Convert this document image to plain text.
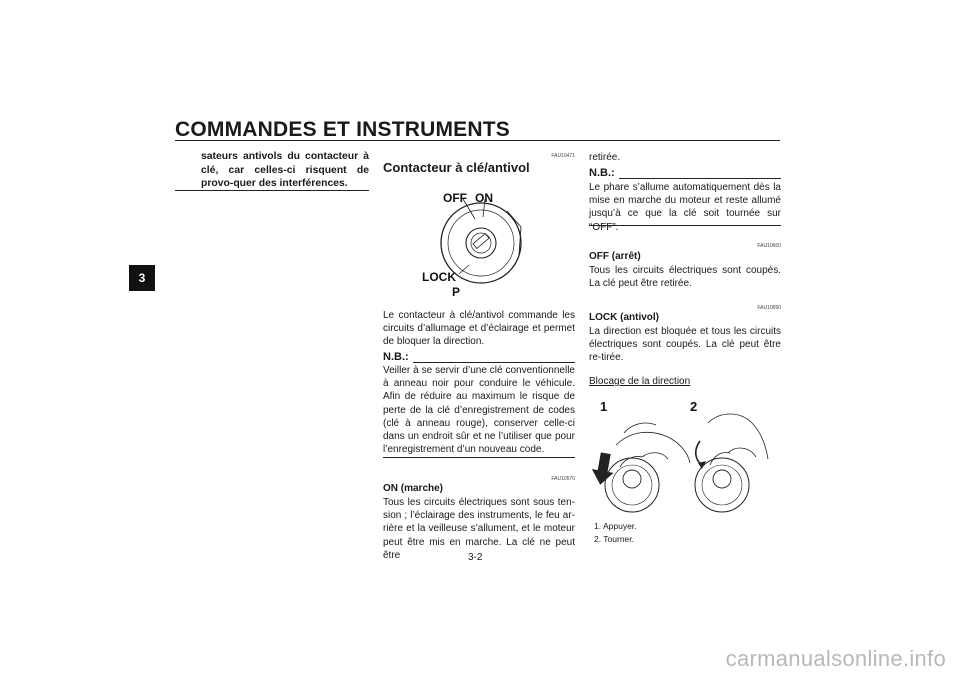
COMMANDES ET INSTRUMENTS
3
sateurs antivols du contacteur à clé, car celles-ci risquent de provo-quer des interférences.
FAU10471
Contacteur à clé/antivol
OFF ON
LOCK
P
Le contacteur à clé/antivol commande les circuits d’allumage et d’éclairage et permet de bloquer la direction.
N.B.:
Veiller à se servir d’une clé conventionnelle à anneau noir pour conduire le véhicule. Afin de réduire au maximum le risque de perte de la clé d’enregistrement de codes (clé à anneau rouge), conserver celle-ci dans un endroit sûr et ne l’utiliser que pour l’enregistrement d’un nouveau code.
FAU10570
ON (marche)
Tous les circuits électriques sont sous ten-sion ; l’éclairage des instruments, le feu ar-rière et la veilleuse s’allument, et le moteur peut être mis en marche. La clé ne peut être
retirée.
N.B.:
Le phare s’allume automatiquement dès la mise en marche du moteur et reste allumé jusqu’à ce que la clé soit tournée sur “OFF”.
FAU10660
OFF (arrêt)
Tous les circuits électriques sont coupés. La clé peut être retirée.
FAU10690
LOCK (antivol)
La direction est bloquée et tous les circuits électriques sont coupés. La clé peut être re-tirée.
Blocage de la direction
1	2
1. Appuyer.
2. Tourner.
3-2
carmanualsonline.info
